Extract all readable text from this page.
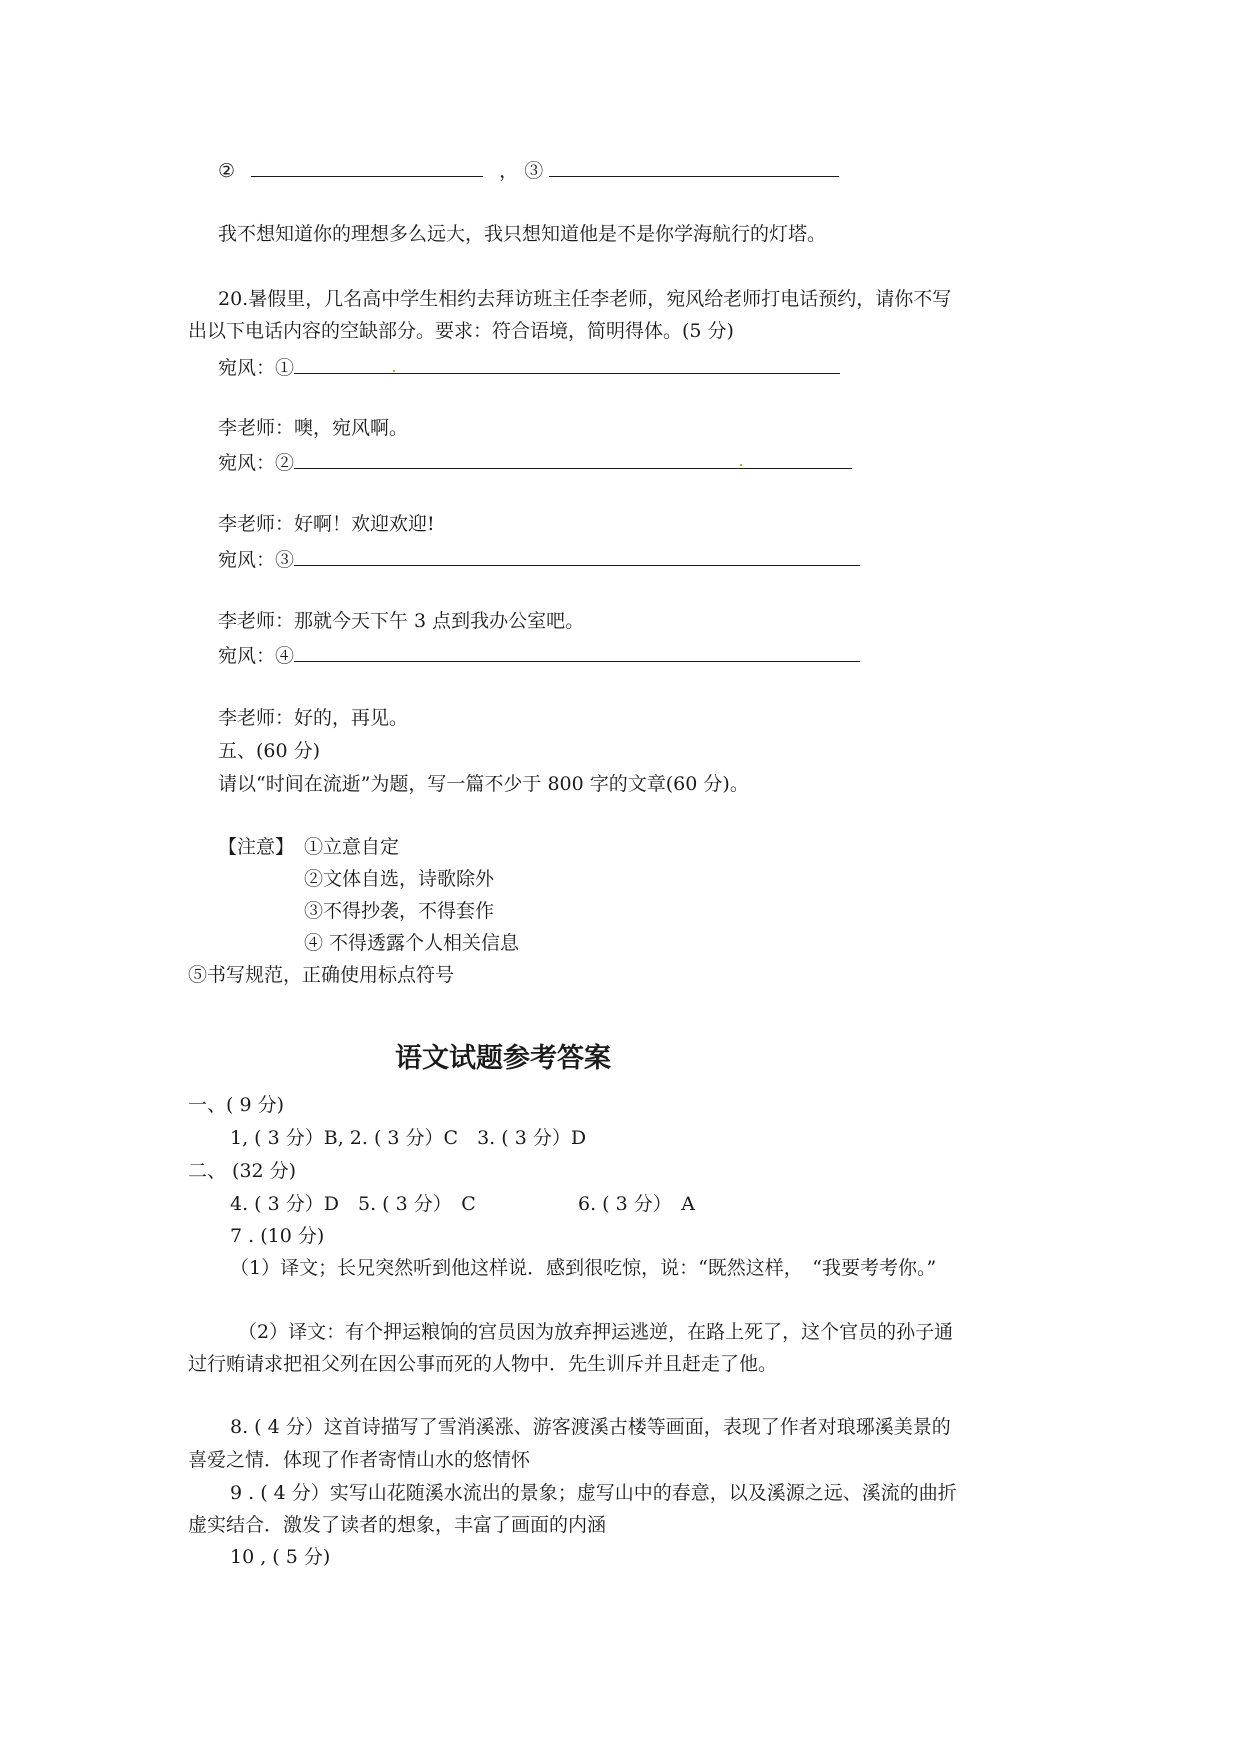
②	， ③
我不想知道你的理想多么远大，我只想知道他是不是你学海航行的灯塔。
20.暑假里，几名高中学生相约去拜访班主任李老师，宛风给老师打电话预约，请你不写
出以下电话内容的空缺部分。要求：符合语境，简明得体。(5 分)
宛风：①
李老师：噢，宛风啊。
宛风：②
李老师：好啊！欢迎欢迎!
宛风：③
李老师：那就今天下午 3 点到我办公室吧。
宛风：④
李老师：好的，再见。
五、(60 分)
请以“时间在流逝”为题，写一篇不少于 800 字的文章(60 分)。
【注意】 ①立意自定
②文体自选，诗歌除外
③不得抄袭，不得套作
④ 不得透露个人相关信息
⑤书写规范，正确使用标点符号
语文试题参考答案
一、( 9 分)
1, ( 3 分）B, 2. ( 3 分）C　3. ( 3 分）D
二、 (32 分)
4. ( 3 分）D　5. ( 3 分）　C	6. ( 3 分）　A
7 . (10 分)
（1）译文；长兄突然听到他这样说．感到很吃惊，说：“既然这样，　“我要考考你。”
（2）译文：有个押运粮饷的宫员因为放弃押运逃逆，在路上死了，这个官员的孙子通
过行贿请求把祖父列在因公事而死的人物中．先生训斥并且赶走了他。
8. ( 4 分）这首诗描写了雪消溪涨、游客渡溪古楼等画面，表现了作者对琅琊溪美景的
喜爱之情．体现了作者寄情山水的悠情怀
9 . ( 4 分）实写山花随溪水流出的景象；虚写山中的春意，以及溪源之远、溪流的曲折
虚实结合．激发了读者的想象，丰富了画面的内涵
10 , ( 5 分)
